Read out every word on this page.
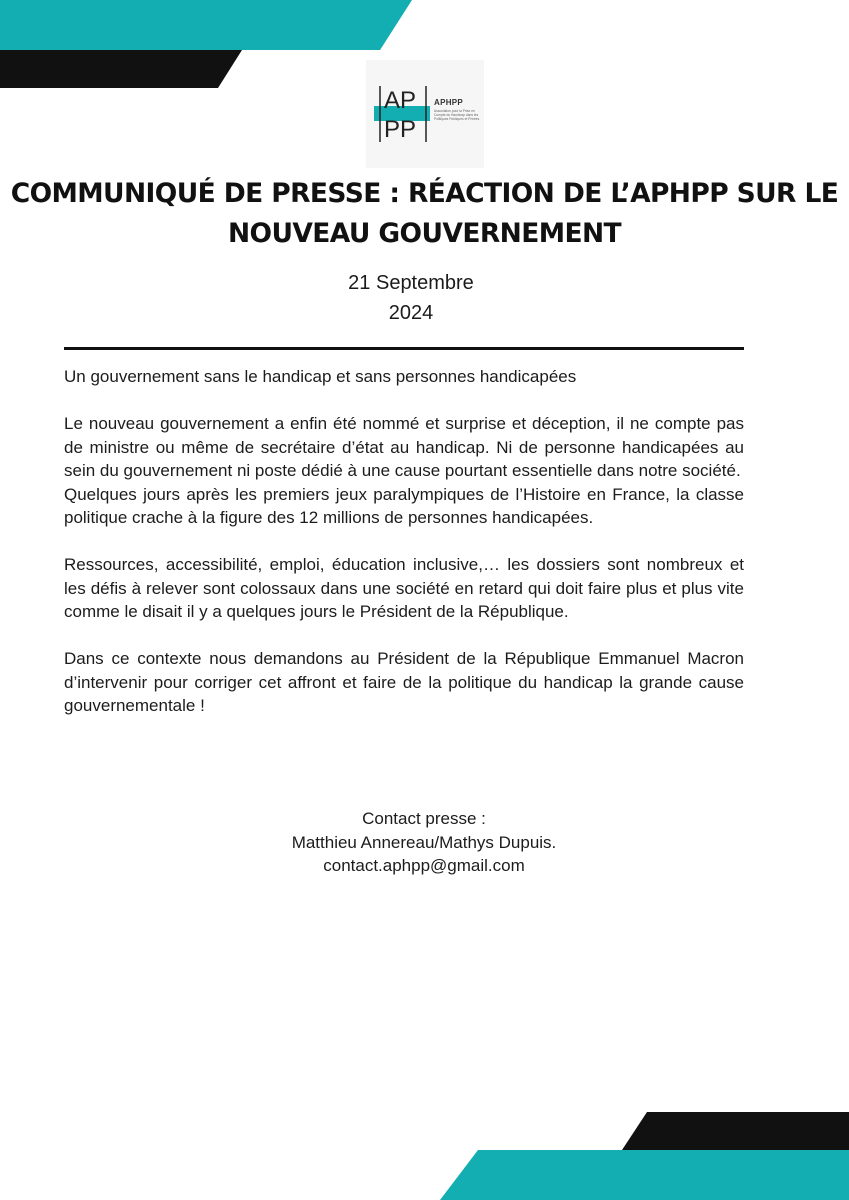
AP
PP
APHPP
Association pour la Prise en Compte du Handicap dans les Politiques Publiques et Privées
COMMUNIQUÉ DE PRESSE : RÉACTION DE L’APHPP SUR LE
NOUVEAU GOUVERNEMENT
21 Septembre
2024

Un gouvernement sans le handicap et sans personnes handicapées

Le nouveau gouvernement a enfin été nommé et surprise et déception, il ne compte pas de ministre ou même de secrétaire d’état au handicap. Ni de personne handicapées au sein du gouvernement ni poste dédié à une cause pourtant essentielle dans notre société.

Quelques jours après les premiers jeux paralympiques de l’Histoire en France, la classe politique crache à la figure des 12 millions de personnes handicapées.

Ressources, accessibilité, emploi, éducation inclusive,… les dossiers sont nombreux et les défis à relever sont colossaux dans une société en retard qui doit faire plus et plus vite comme le disait il y a quelques jours le Président de la République.

Dans ce contexte nous demandons au Président de la République Emmanuel Macron d’intervenir pour corriger cet affront et faire de la politique du handicap la grande cause gouvernementale !

Contact presse :
Matthieu Annereau/Mathys Dupuis.
contact.aphpp@gmail.com
